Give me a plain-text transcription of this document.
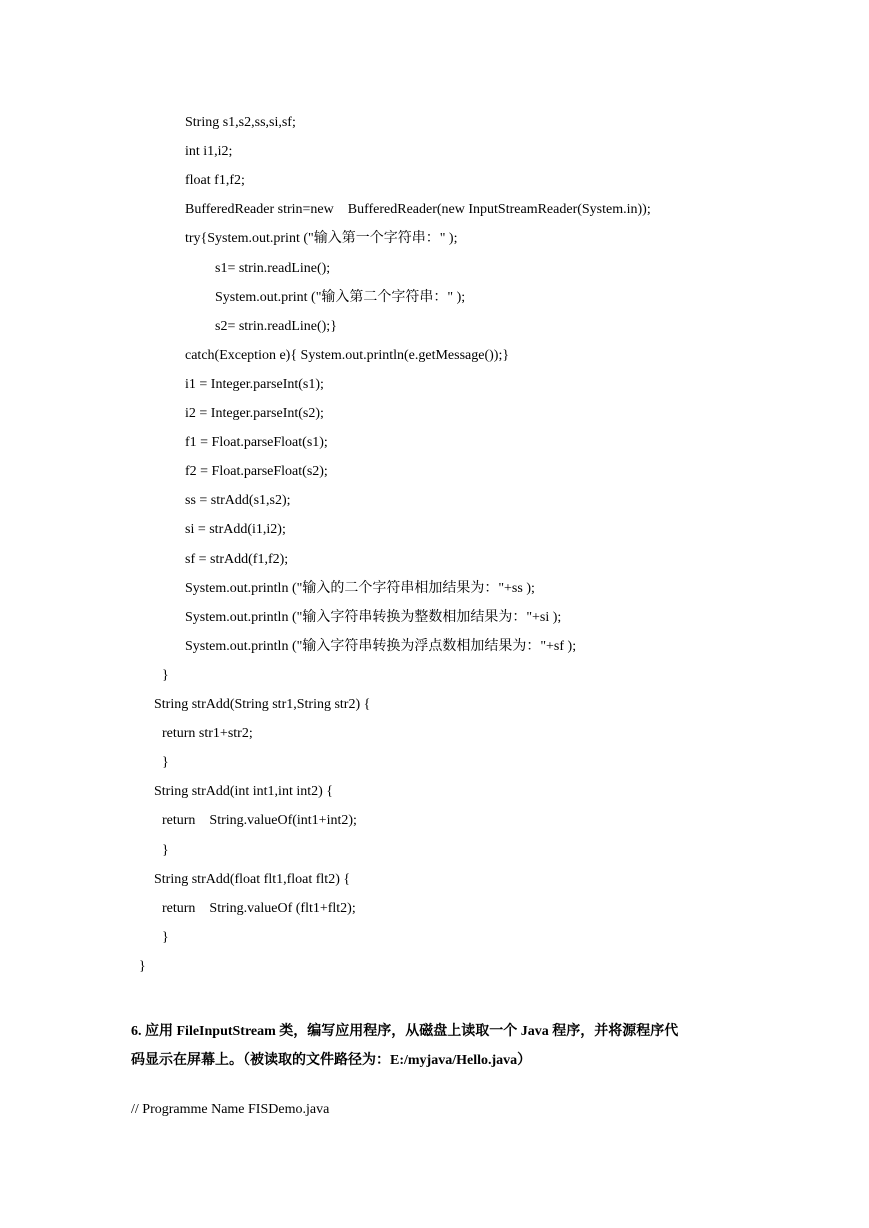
String s1,s2,ss,si,sf;
int i1,i2;
float f1,f2;
BufferedReader strin=new    BufferedReader(new InputStreamReader(System.in));
try{System.out.print ("输入第一个字符串：" );
s1= strin.readLine();
System.out.print ("输入第二个字符串：" );
s2= strin.readLine();}
catch(Exception e){ System.out.println(e.getMessage());}
i1 = Integer.parseInt(s1);
i2 = Integer.parseInt(s2);
f1 = Float.parseFloat(s1);
f2 = Float.parseFloat(s2);
ss = strAdd(s1,s2);
si = strAdd(i1,i2);
sf = strAdd(f1,f2);
System.out.println ("输入的二个字符串相加结果为："+ss );
System.out.println ("输入字符串转换为整数相加结果为："+si );
System.out.println ("输入字符串转换为浮点数相加结果为："+sf );
}
String strAdd(String str1,String str2) {
return str1+str2;
}
String strAdd(int int1,int int2) {
return    String.valueOf(int1+int2);
}
String strAdd(float flt1,float flt2) {
return    String.valueOf (flt1+flt2);
}
}
6. 应用 FileInputStream 类，编写应用程序，从磁盘上读取一个 Java 程序，并将源程序代
码显示在屏幕上。（被读取的文件路径为：E:/myjava/Hello.java）
// Programme Name FISDemo.java
